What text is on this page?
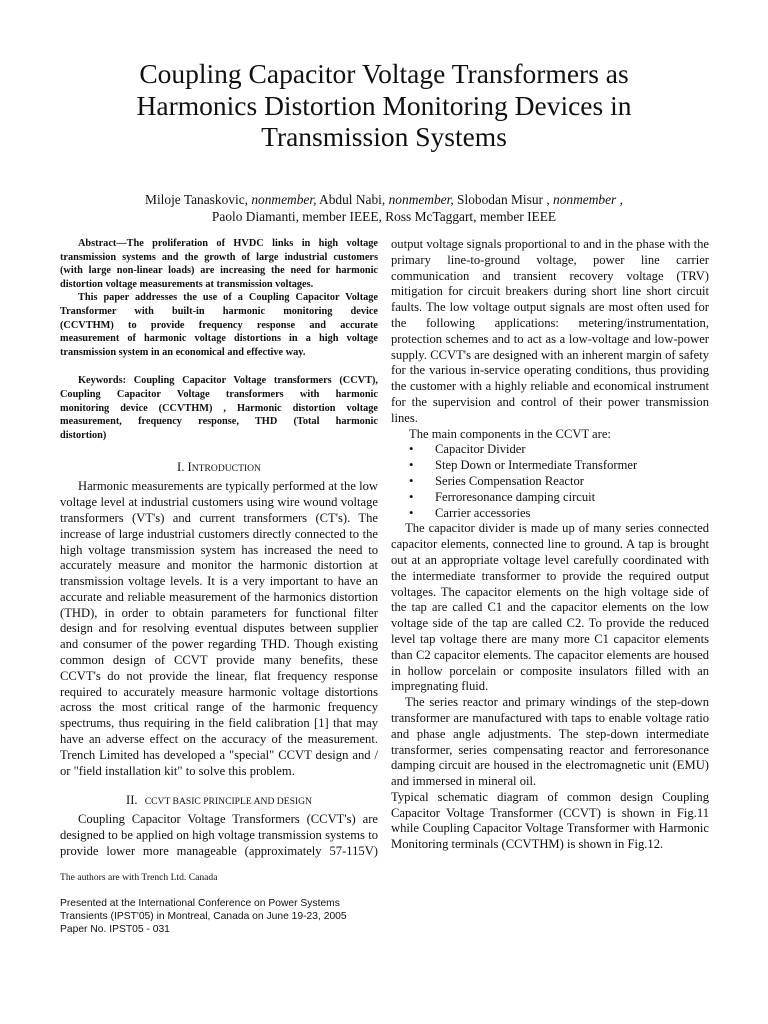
Coupling Capacitor Voltage Transformers as
Harmonics Distortion Monitoring Devices in
Transmission Systems
Miloje Tanaskovic, nonmember, Abdul Nabi, nonmember, Slobodan Misur , nonmember ,
Paolo Diamanti, member IEEE, Ross McTaggart, member IEEE
Abstract—The proliferation of HVDC links in high voltage
transmission systems and the growth of large industrial customers
(with large non-linear loads) are increasing the need for harmonic
distortion voltage measurements at transmission voltages.
This paper addresses the use of a Coupling Capacitor Voltage
Transformer with built-in harmonic monitoring device
(CCVTHM) to provide frequency response and accurate
measurement of harmonic voltage distortions in a high voltage
transmission system in an economical and effective way.
Keywords: Coupling Capacitor Voltage transformers (CCVT),
Coupling Capacitor Voltage transformers with harmonic
monitoring device (CCVTHM) , Harmonic distortion voltage
measurement, frequency response, THD (Total harmonic
distortion)
I. INTRODUCTION
Harmonic measurements are typically performed at the low
voltage level at industrial customers using wire wound voltage
transformers (VT's) and current transformers (CT's). The
increase of large industrial customers directly connected to the
high voltage transmission system has increased the need to
accurately measure and monitor the harmonic distortion at
transmission voltage levels. It is a very important to have an
accurate and reliable measurement of the harmonics distortion
(THD), in order to obtain parameters for functional filter
design and for resolving eventual disputes between supplier
and consumer of the power regarding THD. Though existing
common design of CCVT provide many benefits, these
CCVT's do not provide the linear, flat frequency response
required to accurately measure harmonic voltage distortions
across the most critical range of the harmonic frequency
spectrums, thus requiring in the field calibration [1] that may
have an adverse effect on the accuracy of the measurement.
Trench Limited has developed a "special" CCVT design and /
or "field installation kit" to solve this problem.
II. CCVT BASIC PRINCIPLE AND DESIGN
Coupling Capacitor Voltage Transformers (CCVT's) are
designed to be applied on high voltage transmission systems to
provide lower more manageable (approximately 57-115V)
output voltage signals proportional to and in the phase with the
primary line-to-ground voltage, power line carrier
communication and transient recovery voltage (TRV)
mitigation for circuit breakers during short line short circuit
faults. The low voltage output signals are most often used for
the following applications: metering/instrumentation,
protection schemes and to act as a low-voltage and low-power
supply. CCVT's are designed with an inherent margin of safety
for the various in-service operating conditions, thus providing
the customer with a highly reliable and economical instrument
for the supervision and control of their power transmission
lines.
The main components in the CCVT are:
• Capacitor Divider
• Step Down or Intermediate Transformer
• Series Compensation Reactor
• Ferroresonance damping circuit
• Carrier accessories
The capacitor divider is made up of many series connected
capacitor elements, connected line to ground. A tap is brought
out at an appropriate voltage level carefully coordinated with
the intermediate transformer to provide the required output
voltages. The capacitor elements on the high voltage side of
the tap are called C1 and the capacitor elements on the low
voltage side of the tap are called C2. To provide the reduced
level tap voltage there are many more C1 capacitor elements
than C2 capacitor elements. The capacitor elements are housed
in hollow porcelain or composite insulators filled with an
impregnating fluid.
The series reactor and primary windings of the step-down
transformer are manufactured with taps to enable voltage ratio
and phase angle adjustments. The step-down intermediate
transformer, series compensating reactor and ferroresonance
damping circuit are housed in the electromagnetic unit (EMU)
and immersed in mineral oil.
Typical schematic diagram of common design Coupling
Capacitor Voltage Transformer (CCVT) is shown in Fig.11
while Coupling Capacitor Voltage Transformer with Harmonic
Monitoring terminals (CCVTHM) is shown in Fig.12.
The authors are with Trench Ltd. Canada
Presented at the International Conference on Power Systems
Transients (IPST'05) in Montreal, Canada on June 19-23, 2005
Paper No. IPST05 - 031
